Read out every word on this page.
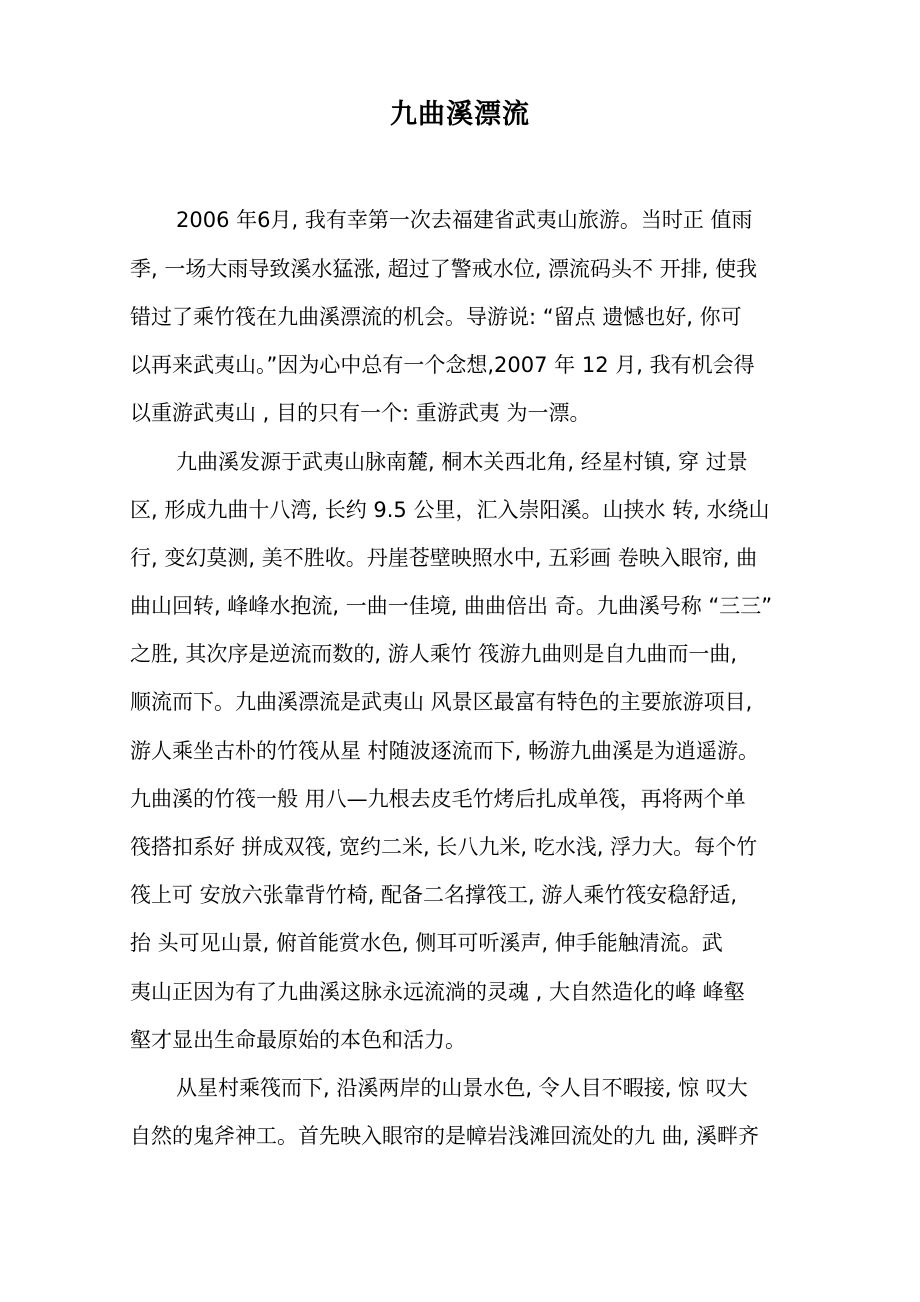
九曲溪漂流
2006 年6月, 我有幸第一次去福建省武夷山旅游。当时正 值雨
季, 一场大雨导致溪水猛涨, 超过了警戒水位, 漂流码头不 开排, 使我
错过了乘竹筏在九曲溪漂流的机会。导游说: “留点 遗憾也好, 你可
以再来武夷山。”因为心中总有一个念想,2007 年 12 月, 我有机会得
以重游武夷山 , 目的只有一个: 重游武夷 为一漂。
九曲溪发源于武夷山脉南麓, 桐木关西北角, 经星村镇, 穿 过景
区, 形成九曲十八湾, 长约 9.5 公里，汇入崇阳溪。山挟水 转, 水绕山
行, 变幻莫测, 美不胜收。丹崖苍壁映照水中, 五彩画 卷映入眼帘, 曲
曲山回转, 峰峰水抱流, 一曲一佳境, 曲曲倍出 奇。九曲溪号称 “三三”
之胜, 其次序是逆流而数的, 游人乘竹 筏游九曲则是自九曲而一曲,
顺流而下。九曲溪漂流是武夷山 风景区最富有特色的主要旅游项目,
游人乘坐古朴的竹筏从星 村随波逐流而下, 畅游九曲溪是为逍遥游。
九曲溪的竹筏一般 用八—九根去皮毛竹烤后扎成单筏，再将两个单
筏搭扣系好 拼成双筏, 宽约二米, 长八九米, 吃水浅, 浮力大。每个竹
筏上可 安放六张靠背竹椅, 配备二名撑筏工, 游人乘竹筏安稳舒适,
抬 头可见山景, 俯首能赏水色, 侧耳可听溪声, 伸手能触清流。武
夷山正因为有了九曲溪这脉永远流淌的灵魂 , 大自然造化的峰 峰壑
壑才显出生命最原始的本色和活力。
从星村乘筏而下, 沿溪两岸的山景水色, 令人目不暇接, 惊 叹大
自然的鬼斧神工。首先映入眼帘的是幛岩浅滩回流处的九 曲, 溪畔齐
